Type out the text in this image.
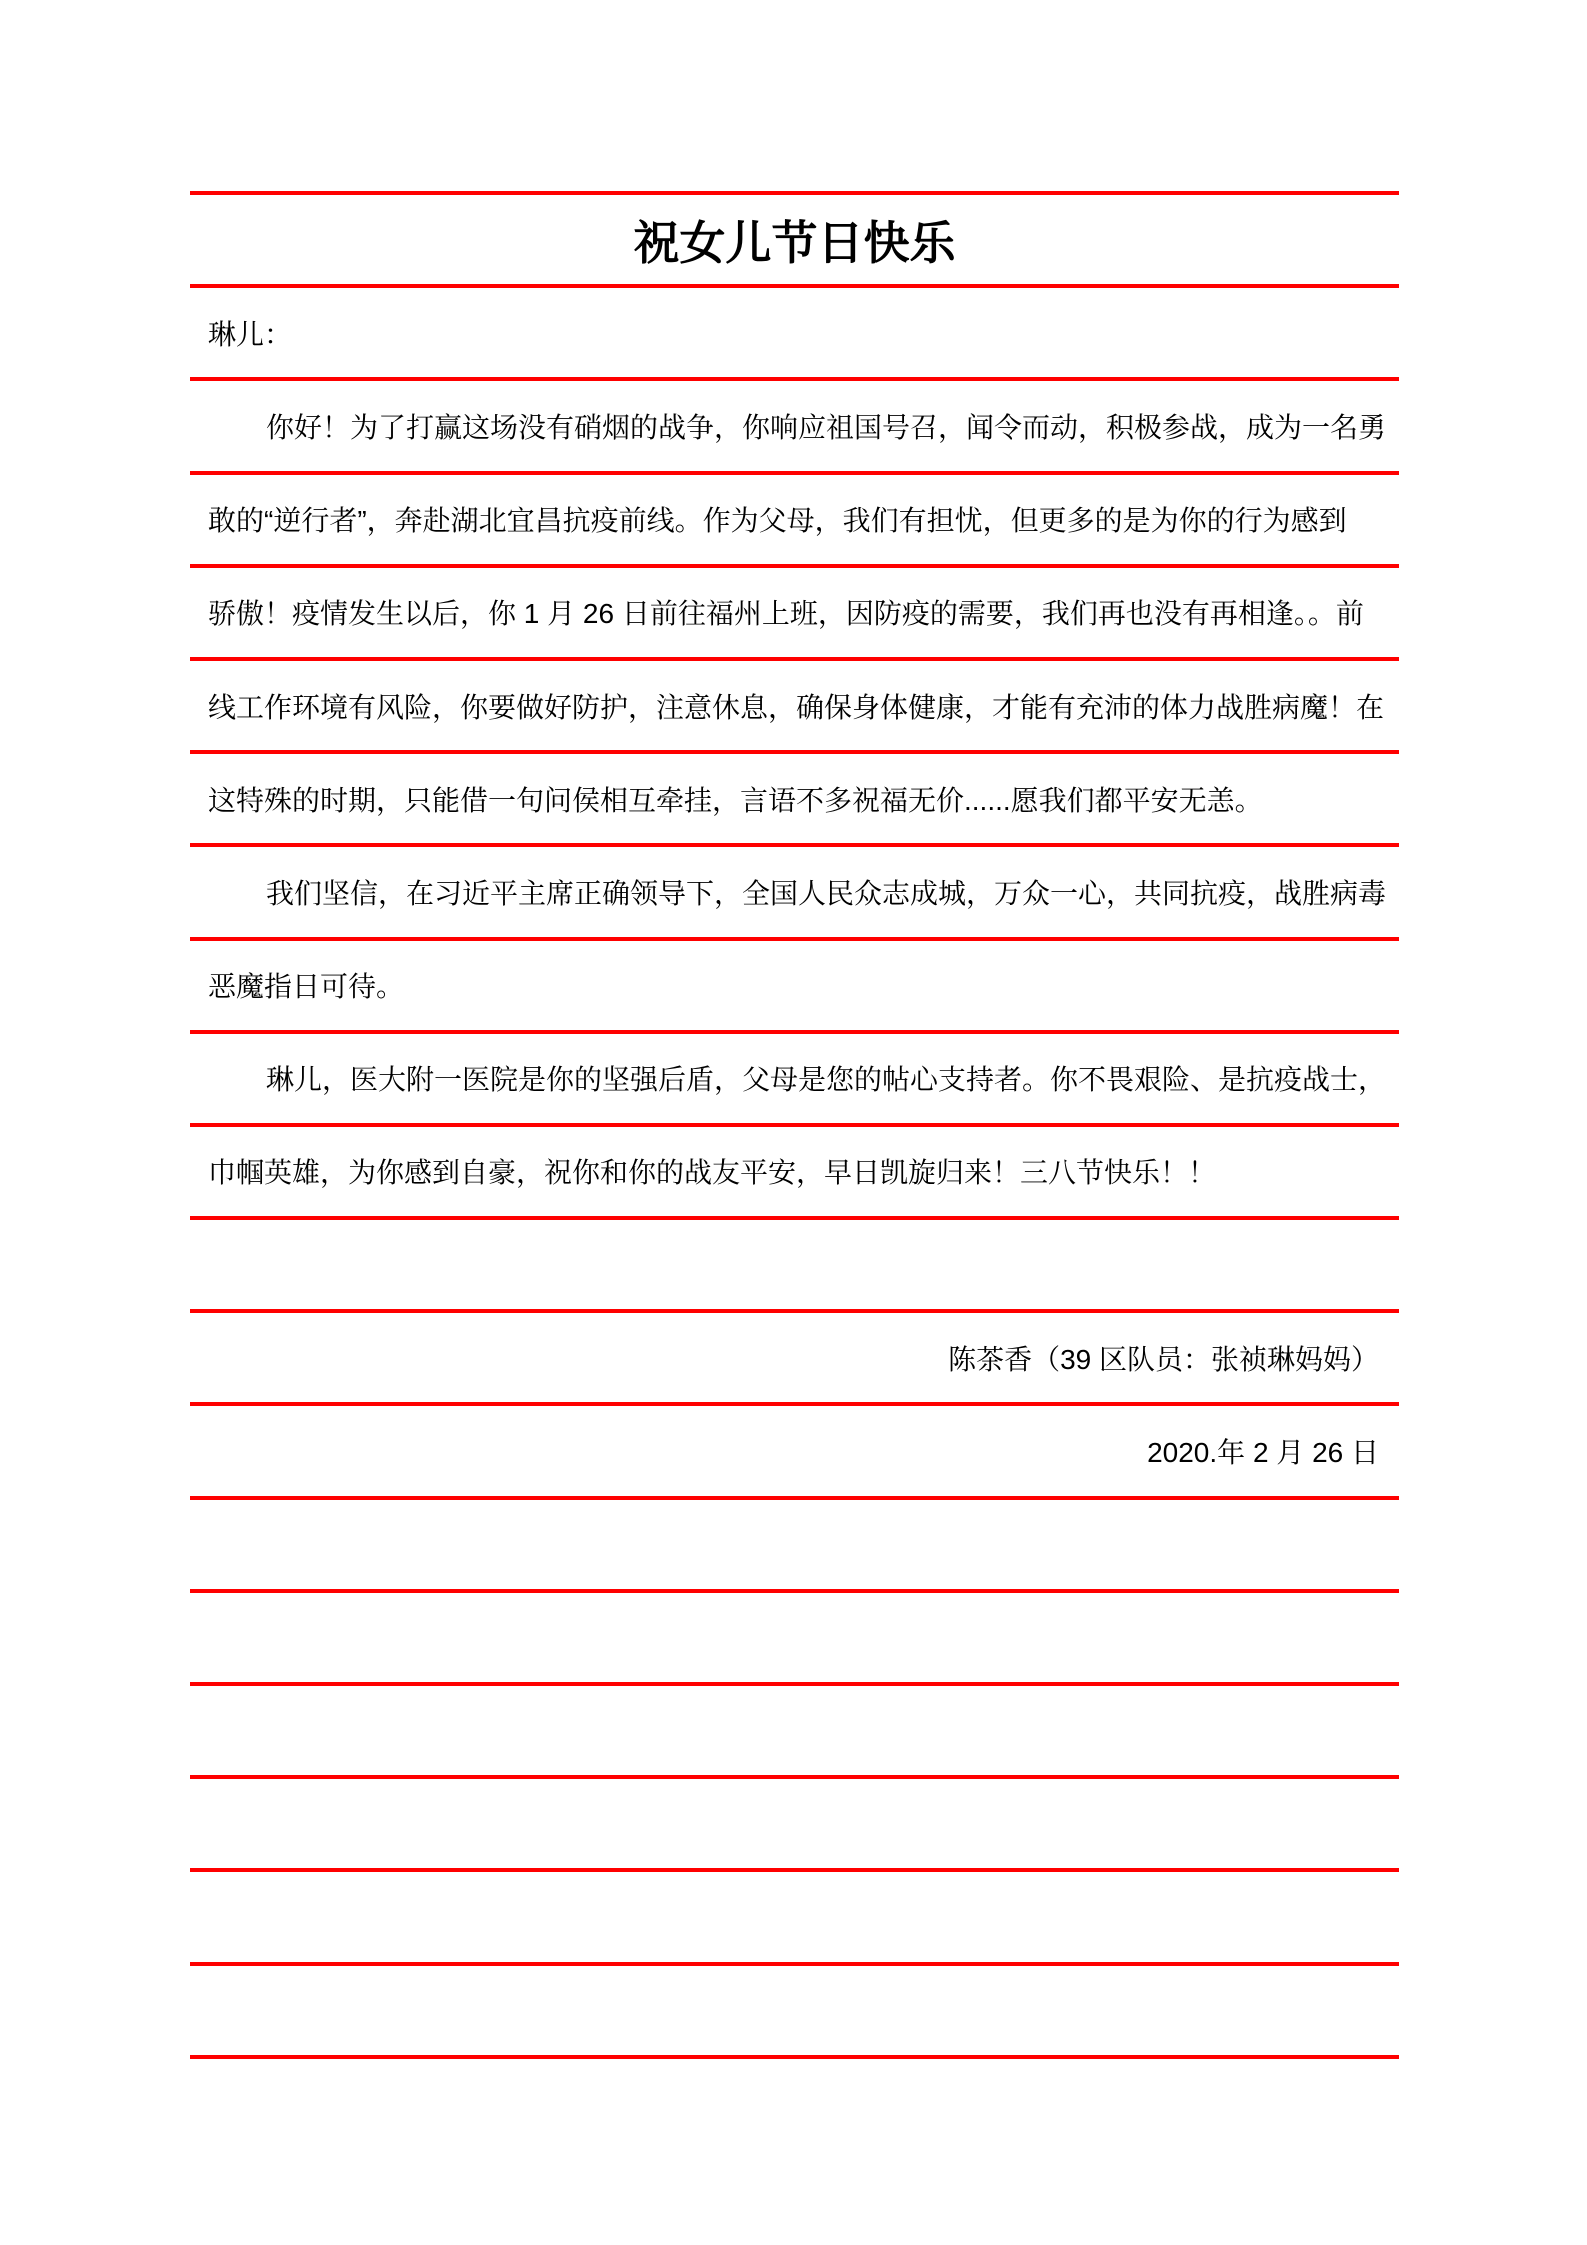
祝女儿节日快乐
琳儿：
你好！为了打赢这场没有硝烟的战争，你响应祖国号召，闻令而动，积极参战，成为一名勇
敢的“逆行者”，奔赴湖北宜昌抗疫前线。作为父母，我们有担忧，但更多的是为你的行为感到
骄傲！疫情发生以后，你 1 月 26 日前往福州上班，因防疫的需要，我们再也没有再相逢。。前
线工作环境有风险，你要做好防护，注意休息，确保身体健康，才能有充沛的体力战胜病魔！在
这特殊的时期，只能借一句问侯相互牵挂，言语不多祝福无价......愿我们都平安无恙。
我们坚信，在习近平主席正确领导下，全国人民众志成城，万众一心，共同抗疫，战胜病毒
恶魔指日可待。
琳儿，医大附一医院是你的坚强后盾，父母是您的帖心支持者。你不畏艰险、是抗疫战士，
巾帼英雄，为你感到自豪，祝你和你的战友平安，早日凯旋归来！三八节快乐！！
陈茶香（39 区队员：张祯琳妈妈）
2020.年 2 月 26 日
